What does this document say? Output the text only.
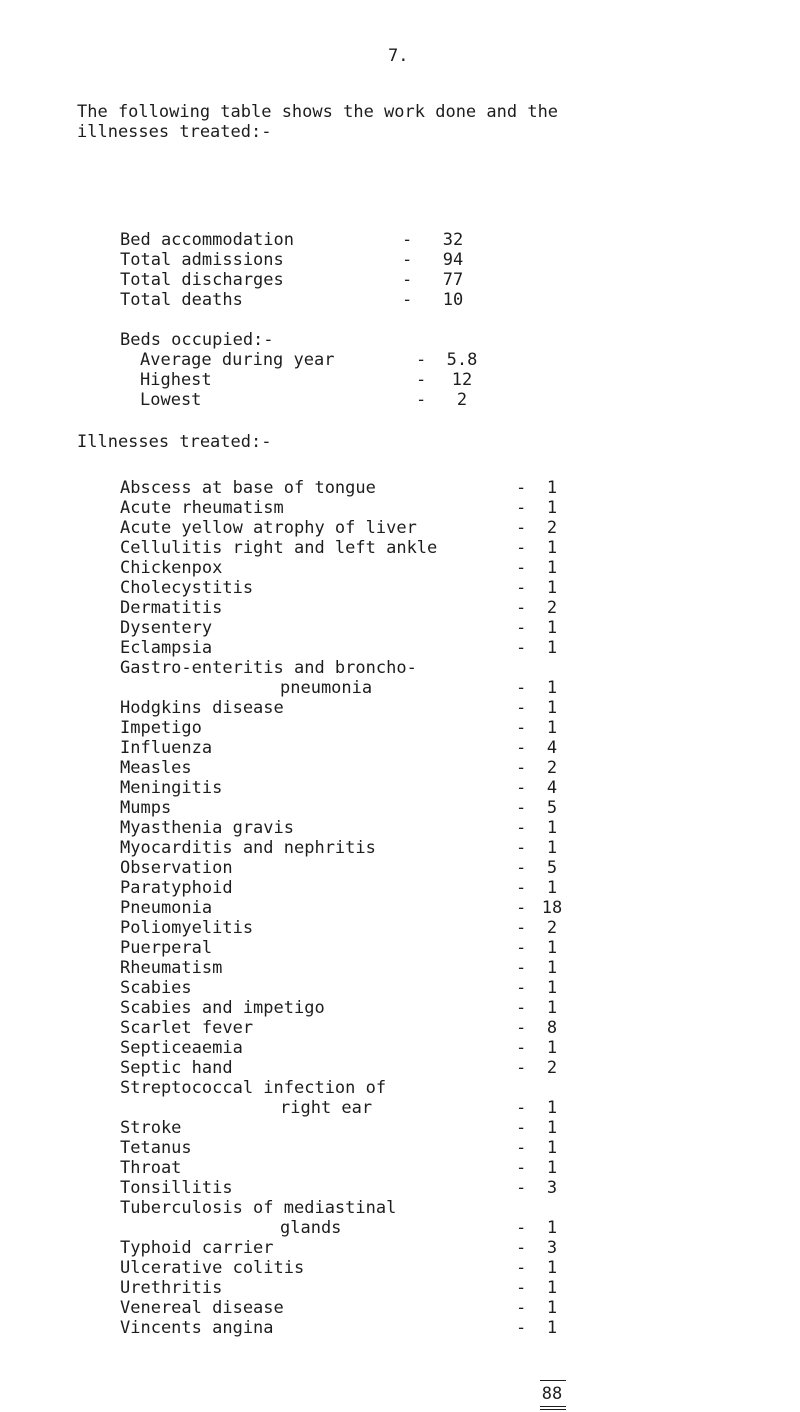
7.
The following table shows the work done and the
illnesses treated:-
Bed accommodation	-	32
Total admissions	-	94
Total discharges	-	77
Total deaths	-	10
Beds occupied:-
Average during year	-	5.8
Highest	-	12
Lowest	-	2
Illnesses treated:-
Abscess at base of tongue	-	1
Acute rheumatism	-	1
Acute yellow atrophy of liver	-	2
Cellulitis right and left ankle	-	1
Chickenpox	-	1
Cholecystitis	-	1
Dermatitis	-	2
Dysentery	-	1
Eclampsia	-	1
Gastro-enteritis and broncho-
pneumonia	-	1
Hodgkins disease	-	1
Impetigo	-	1
Influenza	-	4
Measles	-	2
Meningitis	-	4
Mumps	-	5
Myasthenia gravis	-	1
Myocarditis and nephritis	-	1
Observation	-	5
Paratyphoid	-	1
Pneumonia	- 18
Poliomyelitis	-	2
Puerperal	-	1
Rheumatism	-	1
Scabies	-	1
Scabies and impetigo	-	1
Scarlet fever	-	8
Septiceaemia	-	1
Septic hand	-	2
Streptococcal infection of
right ear	-	1
Stroke	-	1
Tetanus	-	1
Throat	-	1
Tonsillitis	-	3
Tuberculosis of mediastinal
glands	-	1
Typhoid carrier	-	3
Ulcerative colitis	-	1
Urethritis	-	1
Venereal disease	-	1
Vincents angina	-	1
88
